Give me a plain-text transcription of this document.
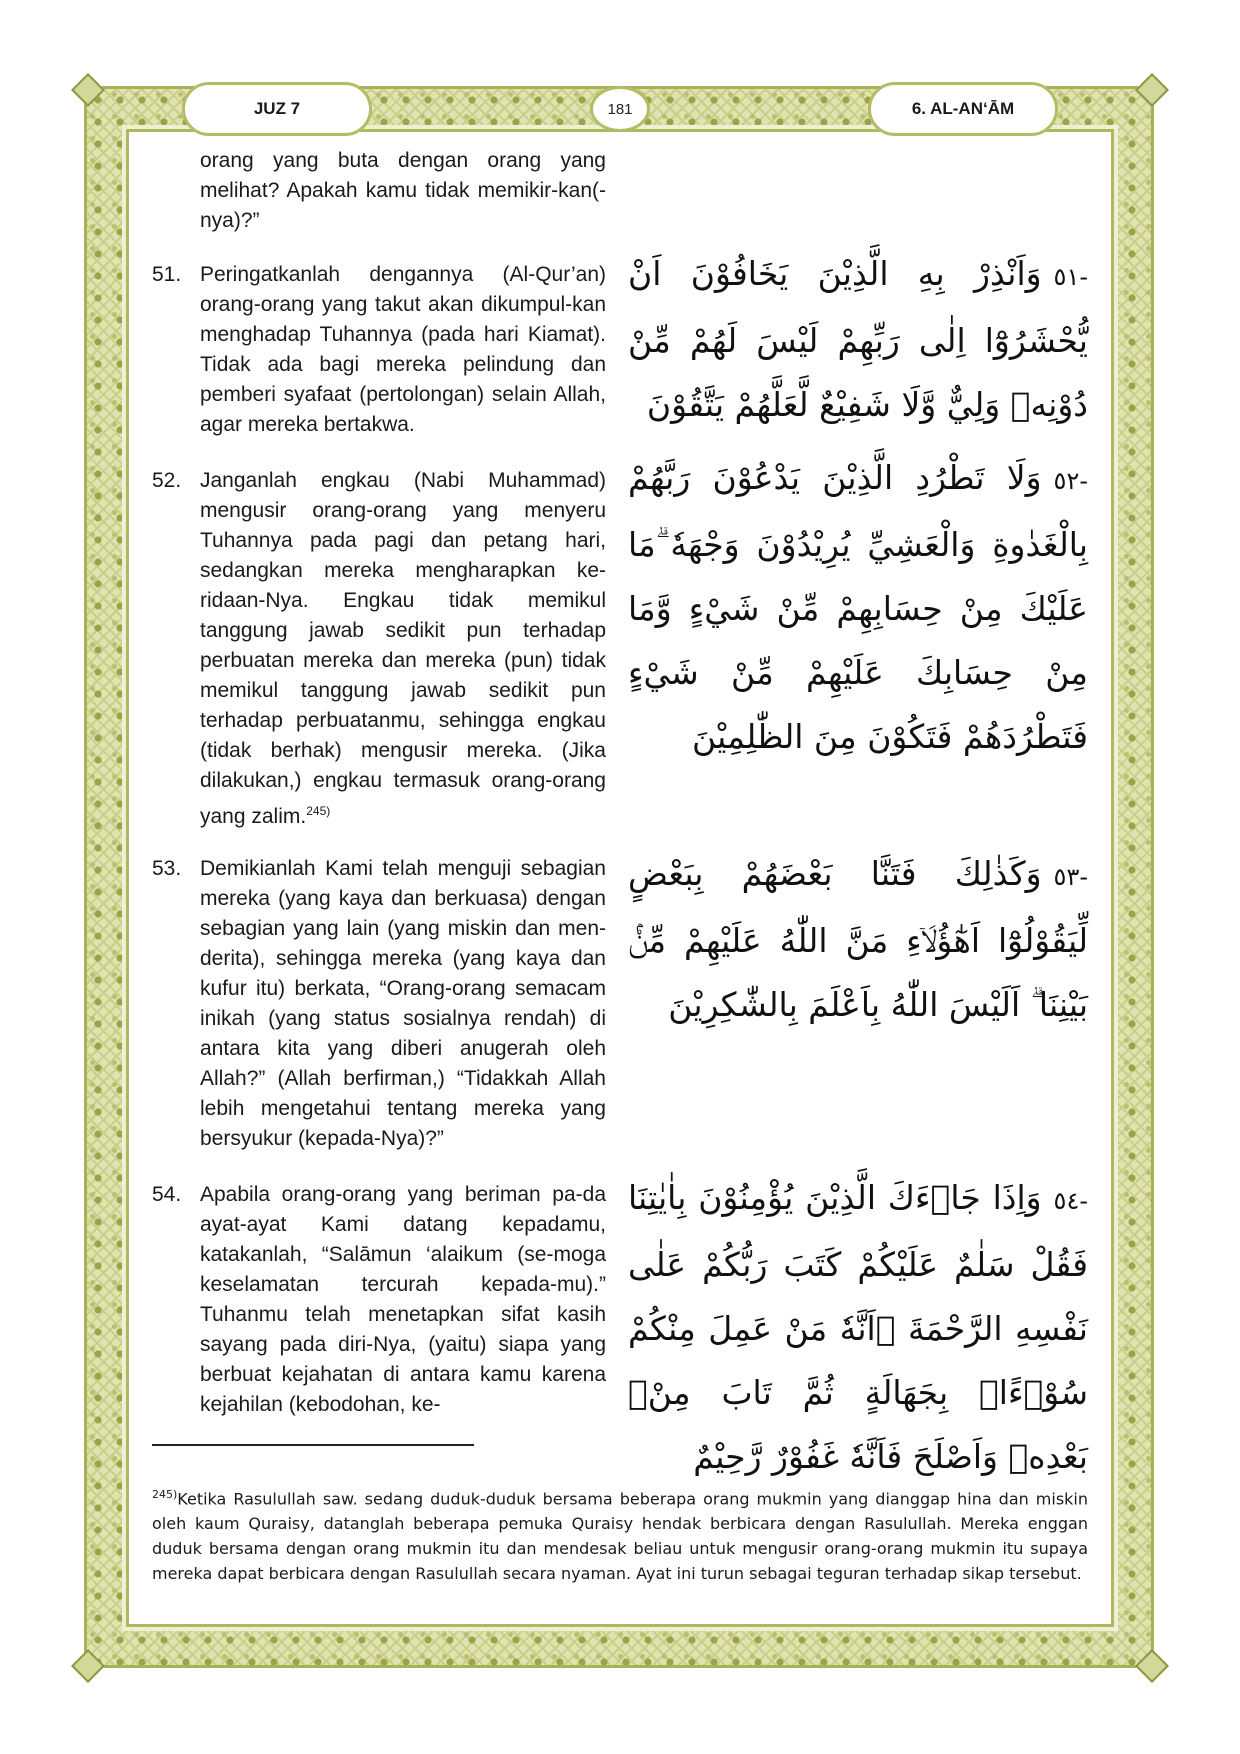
JUZ 7	181	6. AL-AN‘ĀM
orang yang buta dengan orang yang melihat? Apakah kamu tidak memikir-kan(-nya)?”
51. Peringatkanlah dengannya (Al-Qur’an) orang-orang yang takut akan dikumpul-kan menghadap Tuhannya (pada hari Kiamat). Tidak ada bagi mereka pelindung dan pemberi syafaat (pertolongan) selain Allah, agar mereka bertakwa.
52. Janganlah engkau (Nabi Muhammad) mengusir orang-orang yang menyeru Tuhannya pada pagi dan petang hari, sedangkan mereka mengharapkan ke-ridaan-Nya. Engkau tidak memikul tanggung jawab sedikit pun terhadap perbuatan mereka dan mereka (pun) tidak memikul tanggung jawab sedikit pun terhadap perbuatanmu, sehingga engkau (tidak berhak) mengusir mereka. (Jika dilakukan,) engkau termasuk orang-orang yang zalim.$^{245)}$
53. Demikianlah Kami telah menguji sebagian mereka (yang kaya dan berkuasa) dengan sebagian yang lain (yang miskin dan men-derita), sehingga mereka (yang kaya dan kufur itu) berkata, “Orang-orang semacam inikah (yang status sosialnya rendah) di antara kita yang diberi anugerah oleh Allah?” (Allah berfirman,) “Tidakkah Allah lebih mengetahui tentang mereka yang bersyukur (kepada-Nya)?”
54. Apabila orang-orang yang beriman pa-da ayat-ayat Kami datang kepadamu, katakanlah, “Salāmun ‘alaikum (se-moga keselamatan tercurah kepada-mu).” Tuhanmu telah menetapkan sifat kasih sayang pada diri-Nya, (yaitu) siapa yang berbuat kejahatan di antara kamu karena kejahilan (kebodohan, ke-
-٥١وَاَنْذِرْ بِهِ الَّذِيْنَ يَخَافُوْنَ اَنْ يُّحْشَرُوْٓا اِلٰى رَبِّهِمْ لَيْسَ لَهُمْ مِّنْ دُوْنِهٖ وَلِيٌّ وَّلَا شَفِيْعٌ لَّعَلَّهُمْ يَتَّقُوْنَ
-٥٢وَلَا تَطْرُدِ الَّذِيْنَ يَدْعُوْنَ رَبَّهُمْ بِالْغَدٰوةِ وَالْعَشِيِّ يُرِيْدُوْنَ وَجْهَهٗ ۗمَا عَلَيْكَ مِنْ حِسَابِهِمْ مِّنْ شَيْءٍ وَّمَا مِنْ حِسَابِكَ عَلَيْهِمْ مِّنْ شَيْءٍ فَتَطْرُدَهُمْ فَتَكُوْنَ مِنَ الظّٰلِمِيْنَ
-٥٣وَكَذٰلِكَ فَتَنَّا بَعْضَهُمْ بِبَعْضٍ لِّيَقُوْلُوْٓا اَهٰٓؤُلَاۤءِ مَنَّ اللّٰهُ عَلَيْهِمْ مِّنْۢ بَيْنِنَا ۗ اَلَيْسَ اللّٰهُ بِاَعْلَمَ بِالشّٰكِرِيْنَ
-٥٤وَاِذَا جَاۤءَكَ الَّذِيْنَ يُؤْمِنُوْنَ بِاٰيٰتِنَا فَقُلْ سَلٰمٌ عَلَيْكُمْ كَتَبَ رَبُّكُمْ عَلٰى نَفْسِهِ الرَّحْمَةَ ۙاَنَّهٗ مَنْ عَمِلَ مِنْكُمْ سُوْۤءًاۢ بِجَهَالَةٍ ثُمَّ تَابَ مِنْۢ بَعْدِهٖ وَاَصْلَحَ فَاَنَّهٗ غَفُوْرٌ رَّحِيْمٌ
$^{245)}$Ketika Rasulullah saw. sedang duduk-duduk bersama beberapa orang mukmin yang dianggap hina dan miskin oleh kaum Quraisy, datanglah beberapa pemuka Quraisy hendak berbicara dengan Rasulullah. Mereka enggan duduk bersama dengan orang mukmin itu dan mendesak beliau untuk mengusir orang-orang mukmin itu supaya mereka dapat berbicara dengan Rasulullah secara nyaman. Ayat ini turun sebagai teguran terhadap sikap tersebut.
